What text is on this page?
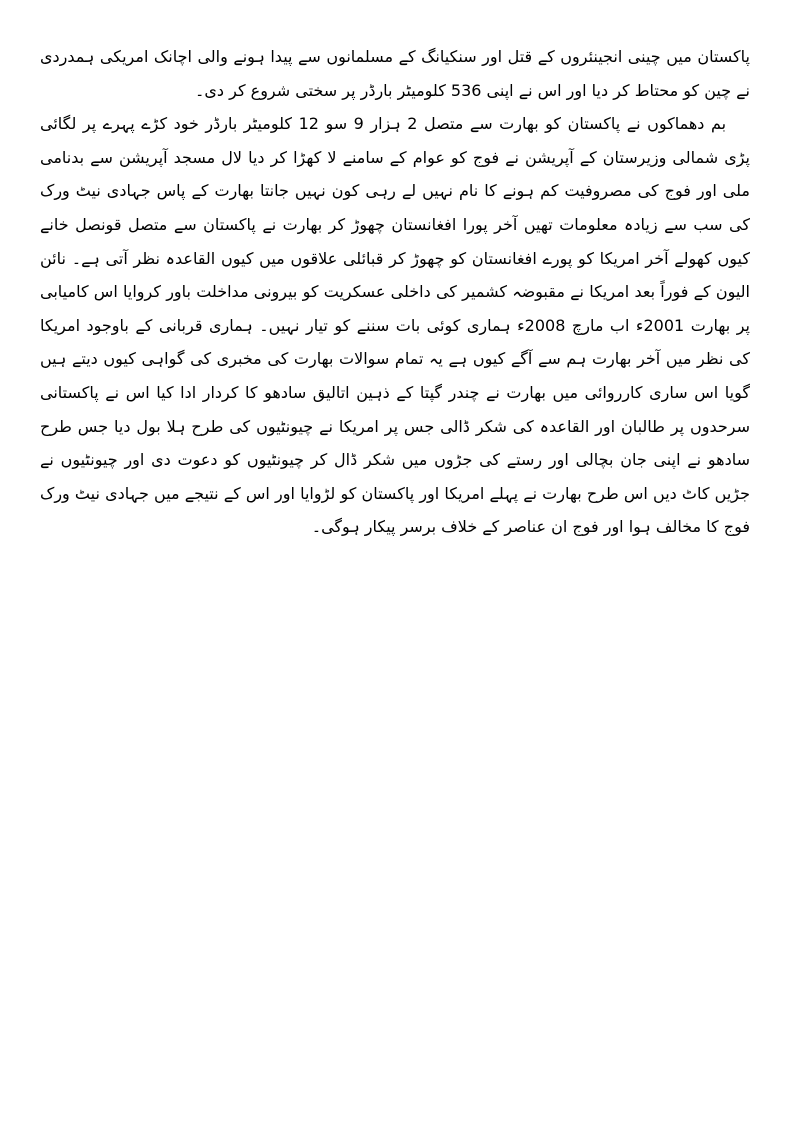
پاکستان میں چینی انجینئروں کے قتل اور سنکیانگ کے مسلمانوں سے پیدا ہونے والی اچانک امریکی ہمدردی نے چین کو محتاط کر دیا اور اس نے اپنی 536 کلومیٹر بارڈر پر سختی شروع کر دی۔

بم دھماکوں نے پاکستان کو بھارت سے متصل 2 ہزار 9 سو 12 کلومیٹر بارڈر خود کڑے پہرے پر لگائی پڑی شمالی وزیرستان کے آپریشن نے فوج کو عوام کے سامنے لا کھڑا کر دیا لال مسجد آپریشن سے بدنامی ملی اور فوج کی مصروفیت کم ہونے کا نام نہیں لے رہی کون نہیں جانتا بھارت کے پاس جہادی نیٹ ورک کی سب سے زیادہ معلومات تھیں آخر پورا افغانستان چھوڑ کر بھارت نے پاکستان سے متصل قونصل خانے کیوں کھولے آخر امریکا کو پورے افغانستان کو چھوڑ کر قبائلی علاقوں میں کیوں القاعدہ نظر آتی ہے۔ نائن الیون کے فوراً بعد امریکا نے مقبوضہ کشمیر کی داخلی عسکریت کو بیرونی مداخلت باور کروایا اس کامیابی پر بھارت 2001ء اب مارچ 2008ء ہماری کوئی بات سننے کو تیار نہیں۔ ہماری قربانی کے باوجود امریکا کی نظر میں آخر بھارت ہم سے آگے کیوں ہے یہ تمام سوالات بھارت کی مخبری کی گواہی کیوں دیتے ہیں گویا اس ساری کارروائی میں بھارت نے چندر گپتا کے ذہین اتالیق سادھو کا کردار ادا کیا اس نے پاکستانی سرحدوں پر طالبان اور القاعدہ کی شکر ڈالی جس پر امریکا نے چیونٹیوں کی طرح ہلا بول دیا جس طرح سادھو نے اپنی جان بچالی اور رستے کی جڑوں میں شکر ڈال کر چیونٹیوں کو دعوت دی اور چیونٹیوں نے جڑیں کاٹ دیں اس طرح بھارت نے پہلے امریکا اور پاکستان کو لڑوایا اور اس کے نتیجے میں جہادی نیٹ ورک فوج کا مخالف ہوا اور فوج ان عناصر کے خلاف برسر پیکار ہوگی۔
